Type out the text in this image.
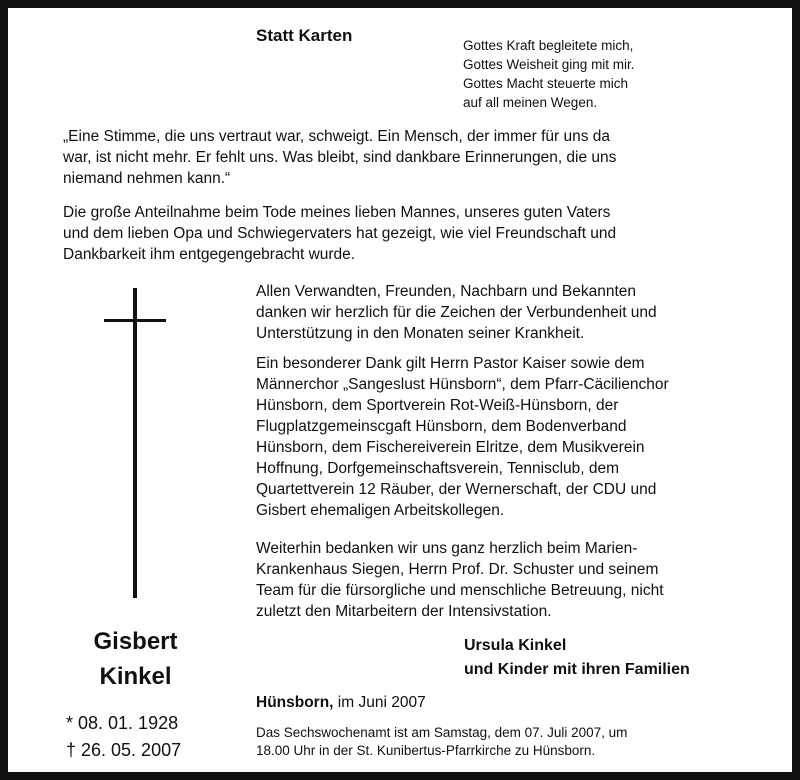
Statt Karten
Gottes Kraft begleitete mich,
Gottes Weisheit ging mit mir.
Gottes Macht steuerte mich
auf all meinen Wegen.
„Eine Stimme, die uns vertraut war, schweigt. Ein Mensch, der immer für uns da
war, ist nicht mehr. Er fehlt uns. Was bleibt, sind dankbare Erinnerungen, die uns
niemand nehmen kann.“
Die große Anteilnahme beim Tode meines lieben Mannes, unseres guten Vaters
und dem lieben Opa und Schwiegervaters hat gezeigt, wie viel Freundschaft und
Dankbarkeit ihm entgegengebracht wurde.
Allen Verwandten, Freunden, Nachbarn und Bekannten
danken wir herzlich für die Zeichen der Verbundenheit und
Unterstützung in den Monaten seiner Krankheit.
Ein besonderer Dank gilt Herrn Pastor Kaiser sowie dem
Männerchor „Sangeslust Hünsborn“, dem Pfarr-Cäcilienchor
Hünsborn, dem Sportverein Rot-Weiß-Hünsborn, der
Flugplatzgemeinscgaft Hünsborn, dem Bodenverband
Hünsborn, dem Fischereiverein Elritze, dem Musikverein
Hoffnung, Dorfgemeinschaftsverein, Tennisclub, dem
Quartettverein 12 Räuber, der Wernerschaft, der CDU und
Gisbert ehemaligen Arbeitskollegen.
Weiterhin bedanken wir uns ganz herzlich beim Marien-
Krankenhaus Siegen, Herrn Prof. Dr. Schuster und seinem
Team für die fürsorgliche und menschliche Betreuung, nicht
zuletzt den Mitarbeitern der Intensivstation.
Gisbert
Kinkel
* 08. 01. 1928
† 26. 05. 2007
Ursula Kinkel
und Kinder mit ihren Familien
Hünsborn, im Juni 2007
Das Sechswochenamt ist am Samstag, dem 07. Juli 2007, um
18.00 Uhr in der St. Kunibertus-Pfarrkirche zu Hünsborn.
